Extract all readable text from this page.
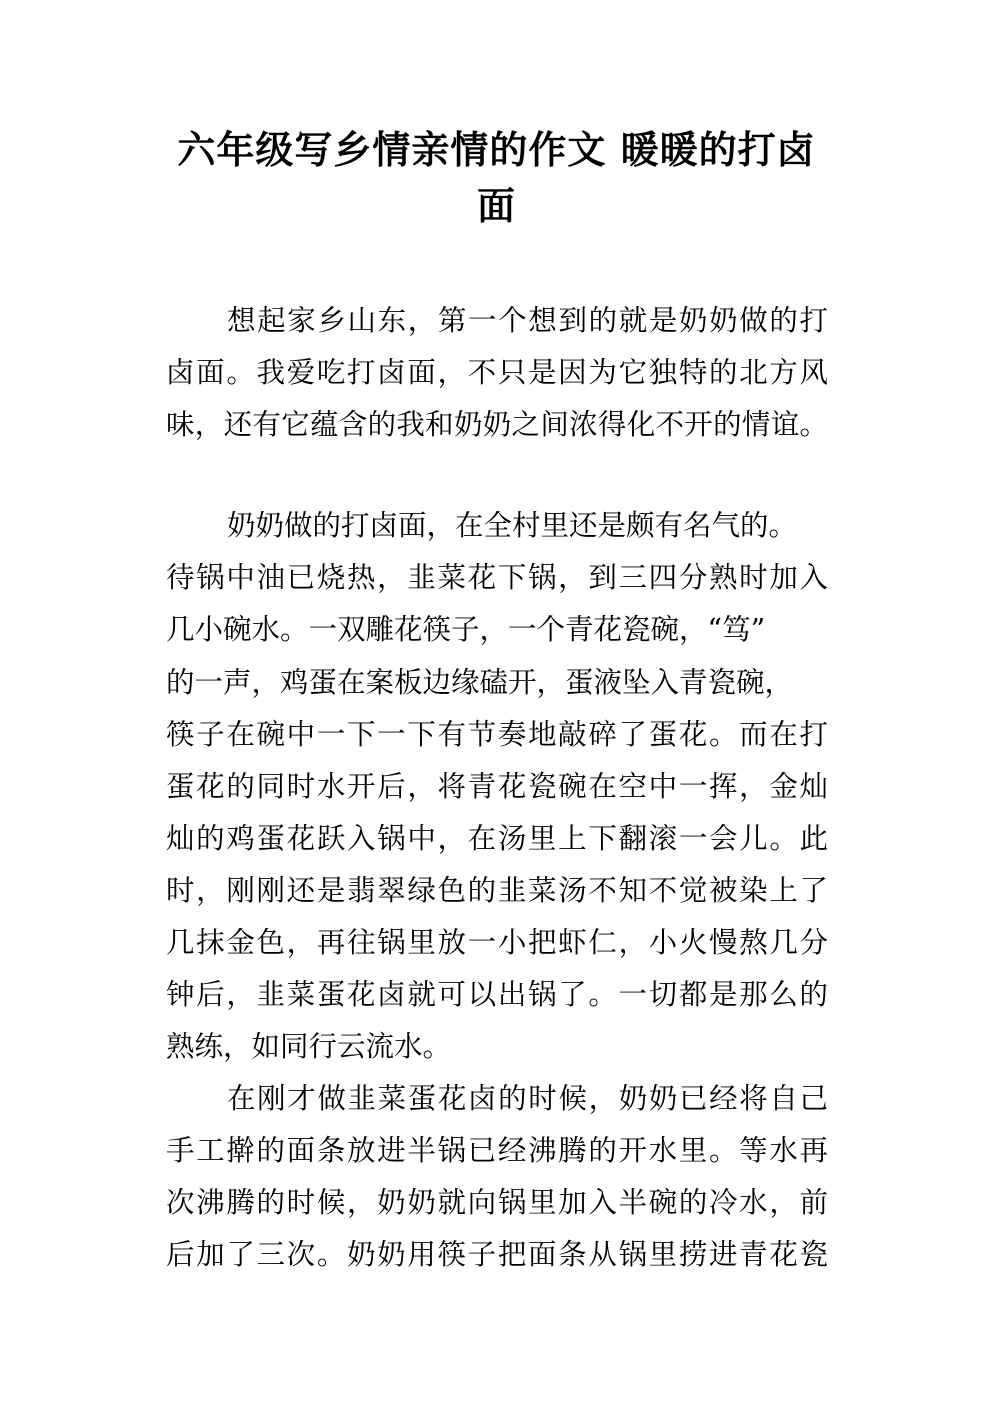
六年级写乡情亲情的作文 暖暖的打卤
面
想起家乡山东，第一个想到的就是奶奶做的打
卤面。我爱吃打卤面，不只是因为它独特的北方风
味，还有它蕴含的我和奶奶之间浓得化不开的情谊。
奶奶做的打卤面，在全村里还是颇有名气的。
待锅中油已烧热，韭菜花下锅，到三四分熟时加入
几小碗水。一双雕花筷子，一个青花瓷碗，“笃”
的一声，鸡蛋在案板边缘磕开，蛋液坠入青瓷碗，
筷子在碗中一下一下有节奏地敲碎了蛋花。而在打
蛋花的同时水开后，将青花瓷碗在空中一挥，金灿
灿的鸡蛋花跃入锅中，在汤里上下翻滚一会儿。此
时，刚刚还是翡翠绿色的韭菜汤不知不觉被染上了
几抹金色，再往锅里放一小把虾仁，小火慢熬几分
钟后，韭菜蛋花卤就可以出锅了。一切都是那么的
熟练，如同行云流水。
在刚才做韭菜蛋花卤的时候，奶奶已经将自己
手工擀的面条放进半锅已经沸腾的开水里。等水再
次沸腾的时候，奶奶就向锅里加入半碗的冷水，前
后加了三次。奶奶用筷子把面条从锅里捞进青花瓷
